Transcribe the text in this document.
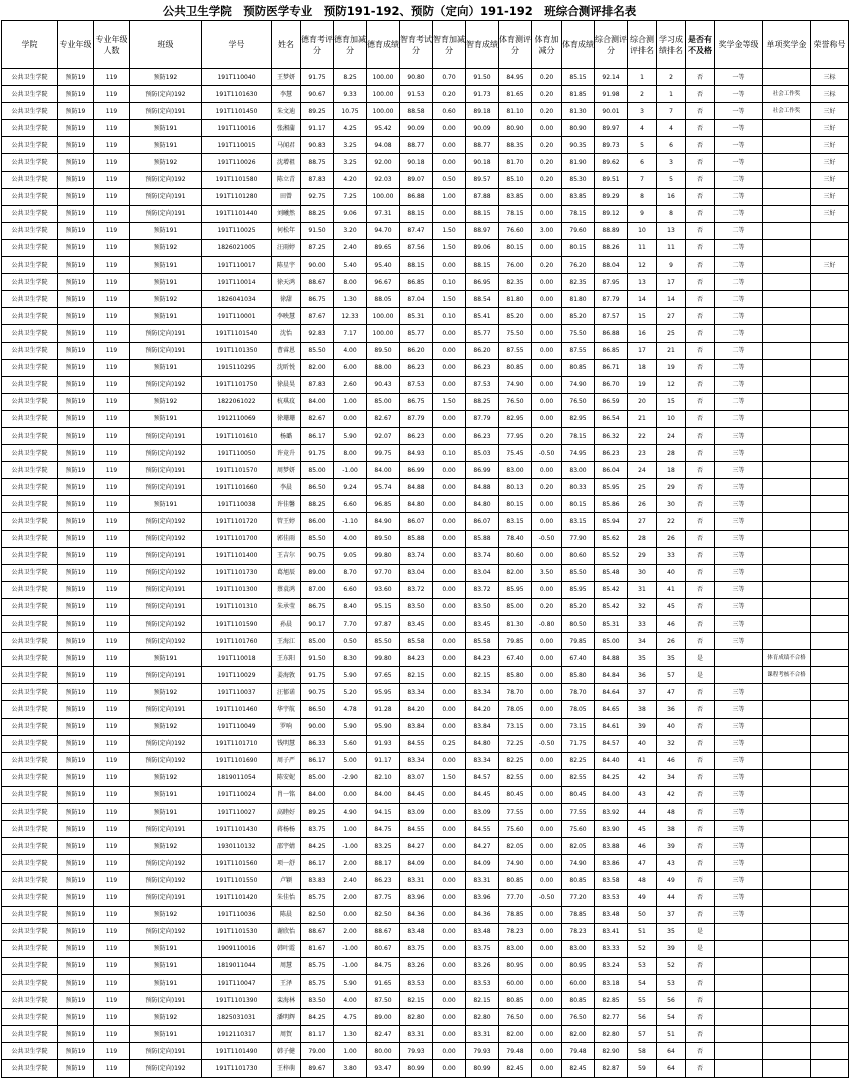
公共卫生学院　预防医学专业　预防191-192、预防（定向）191-192　班综合测评排名表
学院	专业年级	专业年级人数	班级	学号	姓名	德育考评分	德育加减分	德育成绩	智育考试分	智育加减分	智育成绩	体育测评分	体育加减分	体育成绩	综合测评分	综合测评排名	学习成绩排名	是否有不及格	奖学金等级	单项奖学金	荣誉称号
公共卫生学院	预防19	119	预防192	191T110040	王梦妍	91.75	8.25	100.00	90.80	0.70	91.50	84.95	0.20	85.15	92.14	1	2	否	一等		三标
公共卫生学院	预防19	119	预防(定向)192	191T1101630	李慧	90.67	9.33	100.00	91.53	0.20	91.73	81.65	0.20	81.85	91.98	2	1	否	一等	社会工作奖	三标
公共卫生学院	预防19	119	预防(定向)191	191T1101450	朱文迪	89.25	10.75	100.00	88.58	0.60	89.18	81.10	0.20	81.30	90.01	3	7	否	一等	社会工作奖	三好
公共卫生学院	预防19	119	预防191	191T110016	张湘蒲	91.17	4.25	95.42	90.09	0.00	90.09	80.90	0.00	80.90	89.97	4	4	否	一等		三好
公共卫生学院	预防19	119	预防191	191T110015	马闻君	90.83	3.25	94.08	88.77	0.00	88.77	88.35	0.20	90.35	89.73	5	6	否	一等		三好
公共卫生学院	预防19	119	预防192	191T110026	沈增祖	88.75	3.25	92.00	90.18	0.00	90.18	81.70	0.20	81.90	89.62	6	3	否	一等		三好
公共卫生学院	预防19	119	预防(定向)192	191T1101580	陈立青	87.83	4.20	92.03	89.07	0.50	89.57	85.10	0.20	85.30	89.51	7	5	否	二等		三好
公共卫生学院	预防19	119	预防(定向)191	191T1101280	田曾	92.75	7.25	100.00	86.88	1.00	87.88	83.85	0.00	83.85	89.29	8	16	否	二等		三好
公共卫生学院	预防19	119	预防(定向)191	191T1101440	刘曦然	88.25	9.06	97.31	88.15	0.00	88.15	78.15	0.00	78.15	89.12	9	8	否	二等		三好
公共卫生学院	预防19	119	预防191	191T110025	何松年	91.50	3.20	94.70	87.47	1.50	88.97	76.60	3.00	79.60	88.89	10	13	否	二等		
公共卫生学院	预防19	119	预防192	1826021005	汪雨婷	87.25	2.40	89.65	87.56	1.50	89.06	80.15	0.00	80.15	88.26	11	11	否	二等		
公共卫生学院	预防19	119	预防191	191T110017	陈星宇	90.00	5.40	95.40	88.15	0.00	88.15	76.00	0.20	76.20	88.04	12	9	否	二等		三好
公共卫生学院	预防19	119	预防191	191T110014	徐天鸿	88.67	8.00	96.67	86.85	0.10	86.95	82.35	0.00	82.35	87.95	13	17	否	二等		
公共卫生学院	预防19	119	预防192	1826041034	徐甜	86.75	1.30	88.05	87.04	1.50	88.54	81.80	0.00	81.80	87.79	14	14	否	二等		
公共卫生学院	预防19	119	预防191	191T110001	李映慧	87.67	12.33	100.00	85.31	0.10	85.41	85.20	0.00	85.20	87.57	15	27	否	二等		
公共卫生学院	预防19	119	预防(定向)191	191T1101540	沈怡	92.83	7.17	100.00	85.77	0.00	85.77	75.50	0.00	75.50	86.88	16	25	否	二等		
公共卫生学院	预防19	119	预防(定向)191	191T1101350	曹睿恩	85.50	4.00	89.50	86.20	0.00	86.20	87.55	0.00	87.55	86.85	17	21	否	二等		
公共卫生学院	预防19	119	预防191	1915110295	沈昕悦	82.00	6.00	88.00	86.23	0.00	86.23	80.85	0.00	80.85	86.71	18	19	否	二等		
公共卫生学院	预防19	119	预防(定向)192	191T1101750	徐晨昊	87.83	2.60	90.43	87.53	0.00	87.53	74.90	0.00	74.90	86.70	19	12	否	二等		
公共卫生学院	预防19	119	预防192	1822061022	杭琪玟	84.00	1.00	85.00	86.75	1.50	88.25	76.50	0.00	76.50	86.59	20	15	否	二等		
公共卫生学院	预防19	119	预防191	1912110069	徐珊珊	82.67	0.00	82.67	87.79	0.00	87.79	82.95	0.00	82.95	86.54	21	10	否	二等		
公共卫生学院	预防19	119	预防(定向)191	191T1101610	杨璐	86.17	5.90	92.07	86.23	0.00	86.23	77.95	0.20	78.15	86.32	22	24	否	三等		
公共卫生学院	预防19	119	预防(定向)192	191T110050	许竟升	91.75	8.00	99.75	84.93	0.10	85.03	75.45	-0.50	74.95	86.23	23	28	否	三等		
公共卫生学院	预防19	119	预防(定向)191	191T1101570	周梦妍	85.00	-1.00	84.00	86.99	0.00	86.99	83.00	0.00	83.00	86.04	24	18	否	三等		
公共卫生学院	预防19	119	预防(定向)191	191T1101660	李晨	86.50	9.24	95.74	84.88	0.00	84.88	80.13	0.20	80.33	85.95	25	29	否	三等		
公共卫生学院	预防19	119	预防191	191T110038	许佳馨	88.25	6.60	96.85	84.80	0.00	84.80	80.15	0.00	80.15	85.86	26	30	否	三等		
公共卫生学院	预防19	119	预防(定向)192	191T1101720	管王婷	86.00	-1.10	84.90	86.07	0.00	86.07	83.15	0.00	83.15	85.94	27	22	否	三等		
公共卫生学院	预防19	119	预防(定向)192	191T1101700	郭佳雨	85.50	4.00	89.50	85.88	0.00	85.88	78.40	-0.50	77.90	85.62	28	26	否	三等		
公共卫生学院	预防19	119	预防(定向)191	191T1101400	王吉尔	90.75	9.05	99.80	83.74	0.00	83.74	80.60	0.00	80.60	85.52	29	33	否	三等		
公共卫生学院	预防19	119	预防(定向)192	191T1101730	葛旭辰	89.00	8.70	97.70	83.04	0.00	83.04	82.00	3.50	85.50	85.48	30	40	否	三等		
公共卫生学院	预防19	119	预防(定向)191	191T1101300	蔡袁鸿	87.00	6.60	93.60	83.72	0.00	83.72	85.95	0.00	85.95	85.42	31	41	否	三等		
公共卫生学院	预防19	119	预防(定向)191	191T1101310	朱承莹	86.75	8.40	95.15	83.50	0.00	83.50	85.00	0.20	85.20	85.42	32	45	否	三等		
公共卫生学院	预防19	119	预防(定向)192	191T1101590	孙晨	90.17	7.70	97.87	83.45	0.00	83.45	81.30	-0.80	80.50	85.31	33	46	否	三等		
公共卫生学院	预防19	119	预防(定向)192	191T1101760	王海江	85.00	0.50	85.50	85.58	0.00	85.58	79.85	0.00	79.85	85.00	34	26	否	三等		
公共卫生学院	预防19	119	预防191	191T110018	王东阳	91.50	8.30	99.80	84.23	0.00	84.23	67.40	0.00	67.40	84.88	35	35	是		体育成绩不合格	
公共卫生学院	预防19	119	预防(定向)191	191T110029	姜海敦	91.75	5.90	97.65	82.15	0.00	82.15	85.80	0.00	85.80	84.84	36	57	是		课程考核不合格	
公共卫生学院	预防19	119	预防192	191T110037	汪郁诺	90.75	5.20	95.95	83.34	0.00	83.34	78.70	0.00	78.70	84.64	37	47	否	三等		
公共卫生学院	预防19	119	预防(定向)191	191T1101460	华宇航	86.50	4.78	91.28	84.20	0.00	84.20	78.05	0.00	78.05	84.65	38	36	否	三等		
公共卫生学院	预防19	119	预防192	191T110049	罗响	90.00	5.90	95.90	83.84	0.00	83.84	73.15	0.00	73.15	84.61	39	40	否	三等		
公共卫生学院	预防19	119	预防(定向)192	191T1101710	钱明慧	86.33	5.60	91.93	84.55	0.25	84.80	72.25	-0.50	71.75	84.57	40	32	否	三等		
公共卫生学院	预防19	119	预防(定向)192	191T1101690	周子严	86.17	5.00	91.17	83.34	0.00	83.34	82.25	0.00	82.25	84.40	41	46	否	三等		
公共卫生学院	预防19	119	预防192	1819011054	陈安妮	85.00	-2.90	82.10	83.07	1.50	84.57	82.55	0.00	82.55	84.25	42	34	否	三等		
公共卫生学院	预防19	119	预防191	191T110024	肖一铭	84.00	0.00	84.00	84.45	0.00	84.45	80.45	0.00	80.45	84.00	43	42	否	三等		
公共卫生学院	预防19	119	预防191	191T110027	高睦好	89.25	4.90	94.15	83.09	0.00	83.09	77.55	0.00	77.55	83.92	44	48	否	三等		
公共卫生学院	预防19	119	预防(定向)191	191T1101430	蒋杨杨	83.75	1.00	84.75	84.55	0.00	84.55	75.60	0.00	75.60	83.90	45	38	否	三等		
公共卫生学院	预防19	119	预防192	1930110132	邵宇婧	84.25	-1.00	83.25	84.27	0.00	84.27	82.05	0.00	82.05	83.88	46	39	否	三等		
公共卫生学院	预防19	119	预防(定向)192	191T1101560	项一舒	86.17	2.00	88.17	84.09	0.00	84.09	74.90	0.00	74.90	83.86	47	43	否	三等		
公共卫生学院	预防19	119	预防(定向)192	191T1101550	卢颖	83.83	2.40	86.23	83.31	0.00	83.31	80.85	0.00	80.85	83.58	48	49	否	三等		
公共卫生学院	预防19	119	预防(定向)191	191T1101420	朱佳怡	85.75	2.00	87.75	83.96	0.00	83.96	77.70	-0.50	77.20	83.53	49	44	否	三等		
公共卫生学院	预防19	119	预防192	191T110036	陈晨	82.50	0.00	82.50	84.36	0.00	84.36	78.85	0.00	78.85	83.48	50	37	否	三等		
公共卫生学院	预防19	119	预防(定向)192	191T1101530	谢欣怡	88.67	2.00	88.67	83.48	0.00	83.48	78.23	0.00	78.23	83.41	51	35	是			
公共卫生学院	预防19	119	预防191	1909110016	韩叶霞	81.67	-1.00	80.67	83.75	0.00	83.75	83.00	0.00	83.00	83.33	52	39	是			
公共卫生学院	预防19	119	预防191	1819011044	周慧	85.75	-1.00	84.75	83.26	0.00	83.26	80.95	0.00	80.95	83.24	53	52	否			
公共卫生学院	预防19	119	预防191	191T110047	王泽	85.75	5.90	91.65	83.53	0.00	83.53	60.00	0.00	60.00	83.18	54	53	否			
公共卫生学院	预防19	119	预防(定向)191	191T1101390	栾海林	83.50	4.00	87.50	82.15	0.00	82.15	80.85	0.00	80.85	82.85	55	56	否			
公共卫生学院	预防19	119	预防192	1825031031	潘明辉	84.25	4.75	89.00	82.80	0.00	82.80	76.50	0.00	76.50	82.77	56	54	否			
公共卫生学院	预防19	119	预防191	1912110317	周賀	81.17	1.30	82.47	83.31	0.00	83.31	82.00	0.00	82.00	82.80	57	51	否			
公共卫生学院	预防19	119	预防(定向)191	191T1101490	韩子健	79.00	1.00	80.00	79.93	0.00	79.93	79.48	0.00	79.48	82.90	58	64	否			
公共卫生学院	预防19	119	预防(定向)192	191T1101730	王梓萌	89.67	3.80	93.47	80.99	0.00	80.99	82.45	0.00	82.45	82.87	59	64	否			
